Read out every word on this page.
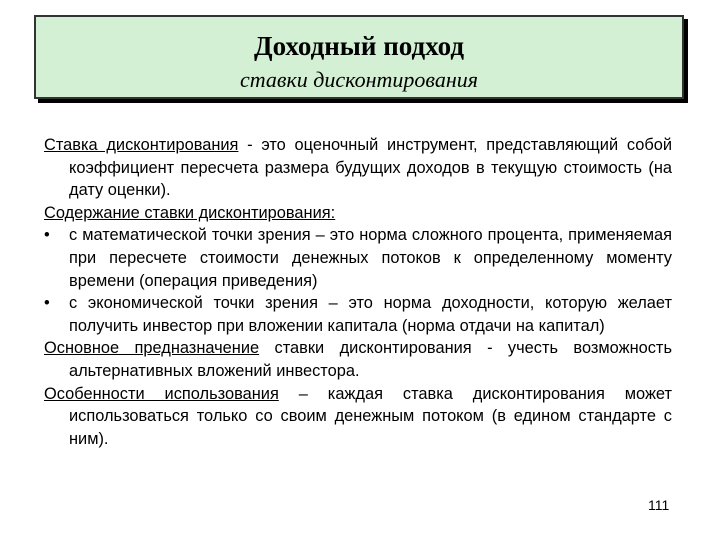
Доходный подход
ставки дисконтирования

Ставка дисконтирования - это оценочный инструмент, представляющий собой коэффициент пересчета размера будущих доходов в текущую стоимость (на дату оценки).

Содержание ставки дисконтирования:

• с математической точки зрения – это норма сложного процента, применяемая при пересчете стоимости денежных потоков к определенному моменту времени (операция приведения)
• с экономической точки зрения – это норма доходности, которую желает получить инвестор при вложении капитала (норма отдачи на капитал)

Основное предназначение ставки дисконтирования - учесть возможность альтернативных вложений инвестора.

Особенности использования – каждая ставка дисконтирования может использоваться только со своим денежным потоком (в едином стандарте с ним).

111
